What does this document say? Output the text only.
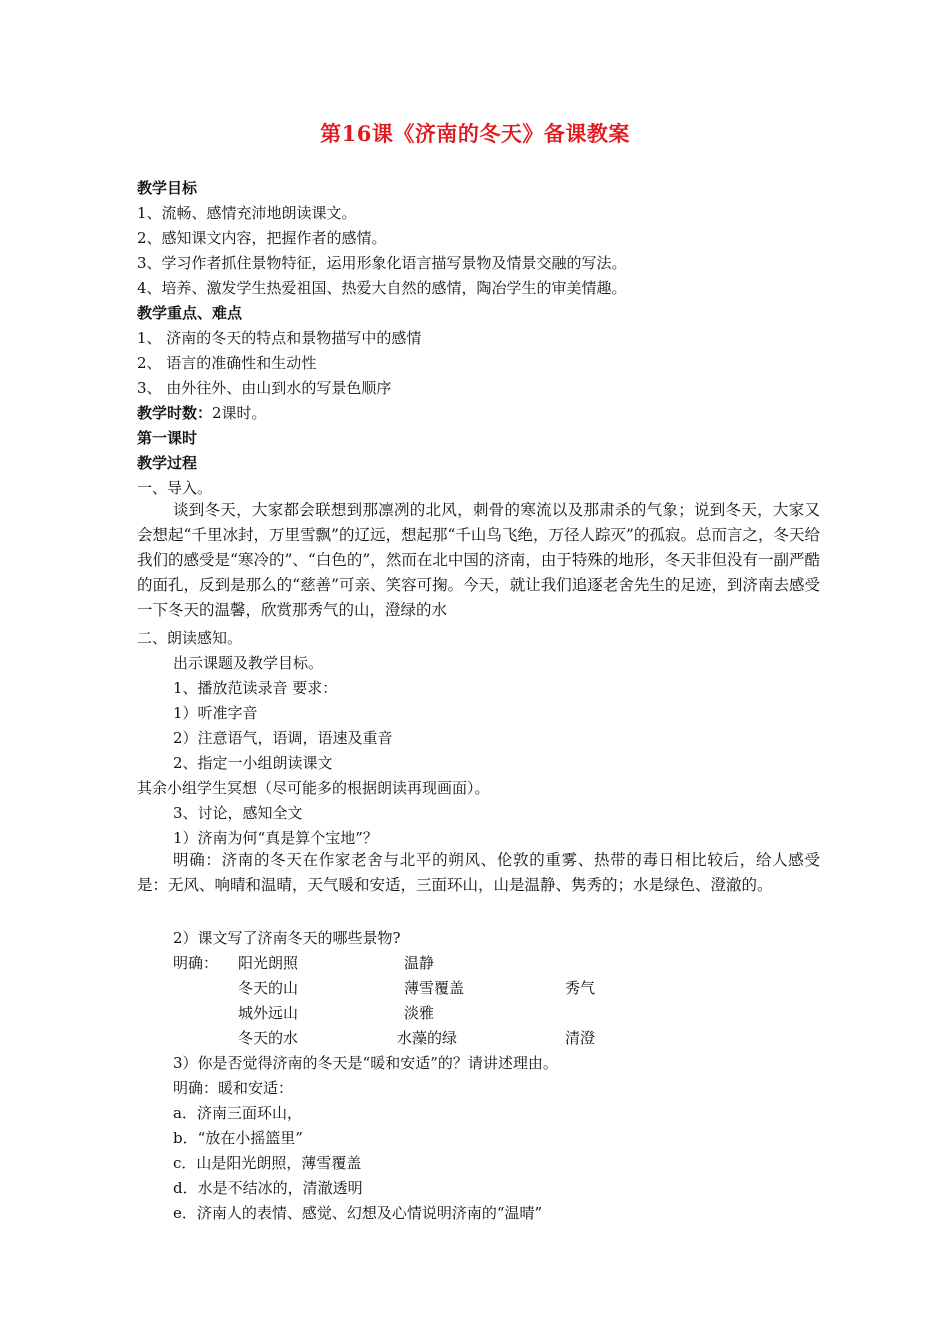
第16课《济南的冬天》备课教案
教学目标
1、流畅、感情充沛地朗读课文。
2、感知课文内容，把握作者的感情。
3、学习作者抓住景物特征，运用形象化语言描写景物及情景交融的写法。
4、培养、激发学生热爱祖国、热爱大自然的感情，陶冶学生的审美情趣。
教学重点、难点
1、 济南的冬天的特点和景物描写中的感情
2、 语言的准确性和生动性
3、 由外往外、由山到水的写景色顺序
教学时数：2课时。
第一课时
教学过程
一、导入。
谈到冬天，大家都会联想到那凛冽的北风，刺骨的寒流以及那肃杀的气象；说到冬天，大家又会想起“千里冰封，万里雪飘”的辽远，想起那“千山鸟飞绝，万径人踪灭”的孤寂。总而言之，冬天给我们的感受是“寒冷的”、“白色的”，然而在北中国的济南，由于特殊的地形，冬天非但没有一副严酷的面孔，反到是那么的“慈善”可亲、笑容可掬。今天，就让我们追逐老舍先生的足迹，到济南去感受一下冬天的温馨，欣赏那秀气的山，澄绿的水
二、朗读感知。
出示课题及教学目标。
1、播放范读录音 要求：
1）听准字音
2）注意语气，语调，语速及重音
2、指定一小组朗读课文
其余小组学生冥想（尽可能多的根据朗读再现画面）。
3、讨论，感知全文
1）济南为何“真是算个宝地”？
明确：济南的冬天在作家老舍与北平的朔风、伦敦的重雾、热带的毒日相比较后，给人感受是：无风、响晴和温晴，天气暖和安适，三面环山，山是温静、隽秀的；水是绿色、澄澈的。
2）课文写了济南冬天的哪些景物?
明确： 阳光朗照	温静
冬天的山	薄雪覆盖	秀气
城外远山	淡雅
冬天的水	水藻的绿	清澄
3）你是否觉得济南的冬天是“暖和安适”的？请讲述理由。
明确：暖和安适：
a．济南三面环山，
b．“放在小摇篮里”
c．山是阳光朗照，薄雪覆盖
d．水是不结冰的，清澈透明
e．济南人的表情、感觉、幻想及心情说明济南的“温晴”
